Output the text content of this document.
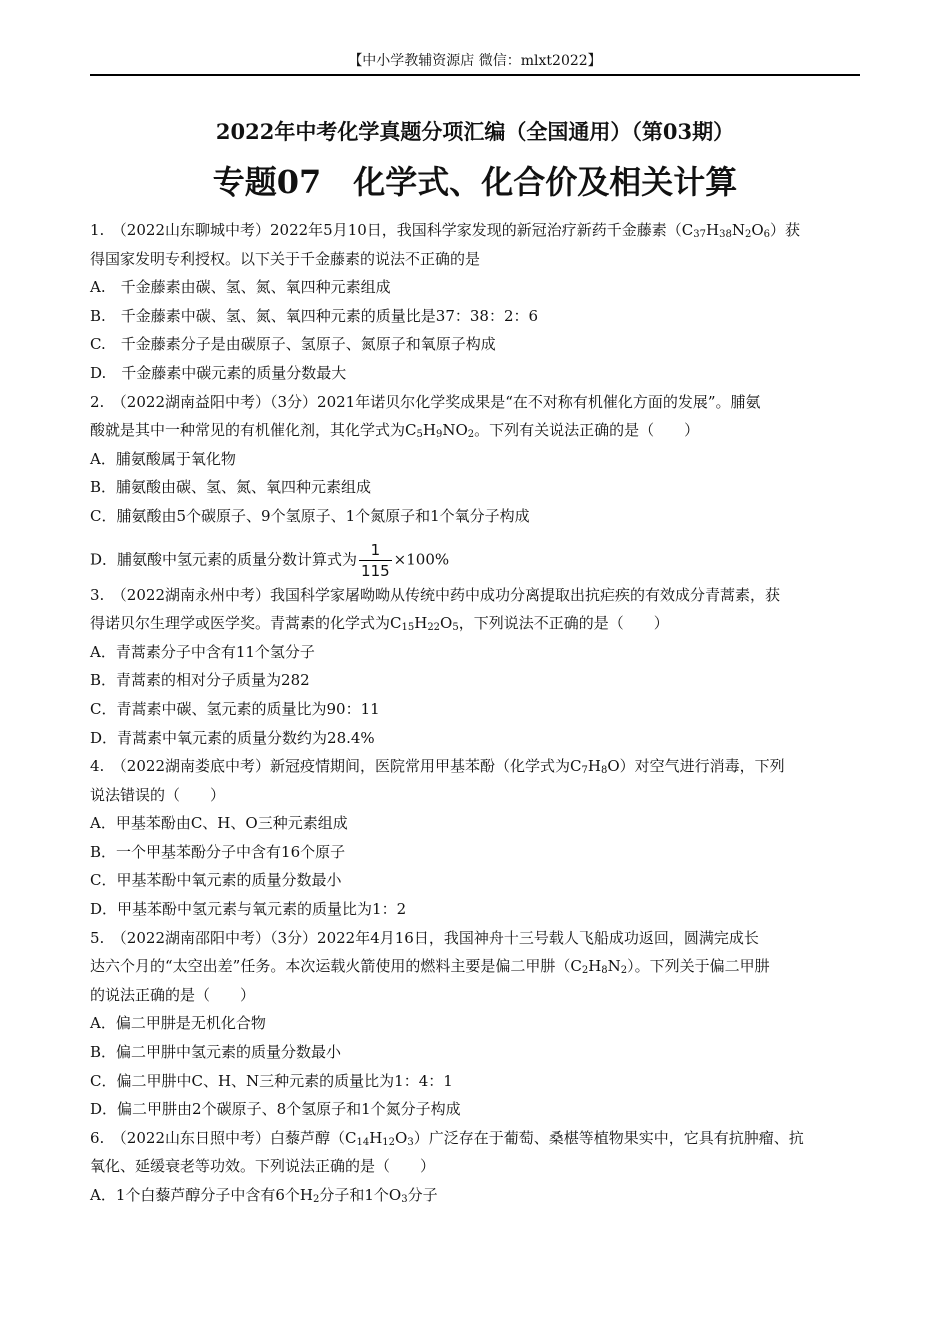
【中小学教辅资源店 微信：mlxt2022】
2022年中考化学真题分项汇编（全国通用）（第03期）
专题07　化学式、化合价及相关计算
1.　（2022山东聊城中考）2022年5月10日，我国科学家发现的新冠治疗新药千金藤素$(C_{37}H_{38}N_2O_6)$获
得国家发明专利授权。以下关于千金藤素的说法不正确的是
A.　千金藤素由碳、氢、氮、氧四种元素组成
B.　千金藤素中碳、氢、氮、氧四种元素的质量比是37：38：2：6
C.　千金藤素分子是由碳原子、氢原子、氮原子和氧原子构成
D.　千金藤素中碳元素的质量分数最大
2.　（2022湖南益阳中考）（3分）2021年诺贝尔化学奖成果是“在不对称有机催化方面的发展”。脯氨
酸就是其中一种常见的有机催化剂，其化学式为$C_5H_9NO_2$。下列有关说法正确的是（　　）
A．脯氨酸属于氧化物
B．脯氨酸由碳、氢、氮、氧四种元素组成
C．脯氨酸由5个碳原子、9个氢原子、1个氮原子和1个氧分子构成
D．脯氨酸中氢元素的质量分数计算式为 $\frac{1}{115} \times 100\%$
3.　（2022湖南永州中考）我国科学家屠呦呦从传统中药中成功分离提取出抗疟疾的有效成分青蒿素，获
得诺贝尔生理学或医学奖。青蒿素的化学式为$C_{15}H_{22}O_5$，下列说法不正确的是（　　）
A．青蒿素分子中含有11个氢分子
B．青蒿素的相对分子质量为282
C．青蒿素中碳、氢元素的质量比为90：11
D．青蒿素中氧元素的质量分数约为28.4%
4.　（2022湖南娄底中考）新冠疫情期间，医院常用甲基苯酚（化学式为$C_7H_8O$）对空气进行消毒，下列
说法错误的（　　）
A．甲基苯酚由C、H、O三种元素组成
B．一个甲基苯酚分子中含有16个原子
C．甲基苯酚中氧元素的质量分数最小
D．甲基苯酚中氢元素与氧元素的质量比为1：2
5.　（2022湖南邵阳中考）（3分）2022年4月16日，我国神舟十三号载人飞船成功返回，圆满完成长
达六个月的“太空出差”任务。本次运载火箭使用的燃料主要是偏二甲肼$(C_2H_8N_2)$。下列关于偏二甲肼
的说法正确的是（　　）
A．偏二甲肼是无机化合物
B．偏二甲肼中氢元素的质量分数最小
C．偏二甲肼中C、H、N三种元素的质量比为1：4：1
D．偏二甲肼由2个碳原子、8个氢原子和1个氮分子构成
6.　（2022山东日照中考）白藜芦醇$(C_{14}H_{12}O_3)$广泛存在于葡萄、桑椹等植物果实中，它具有抗肿瘤、抗
氧化、延缓衰老等功效。下列说法正确的是（　　）
A．1个白藜芦醇分子中含有6个$H_2$分子和1个$O_3$分子
